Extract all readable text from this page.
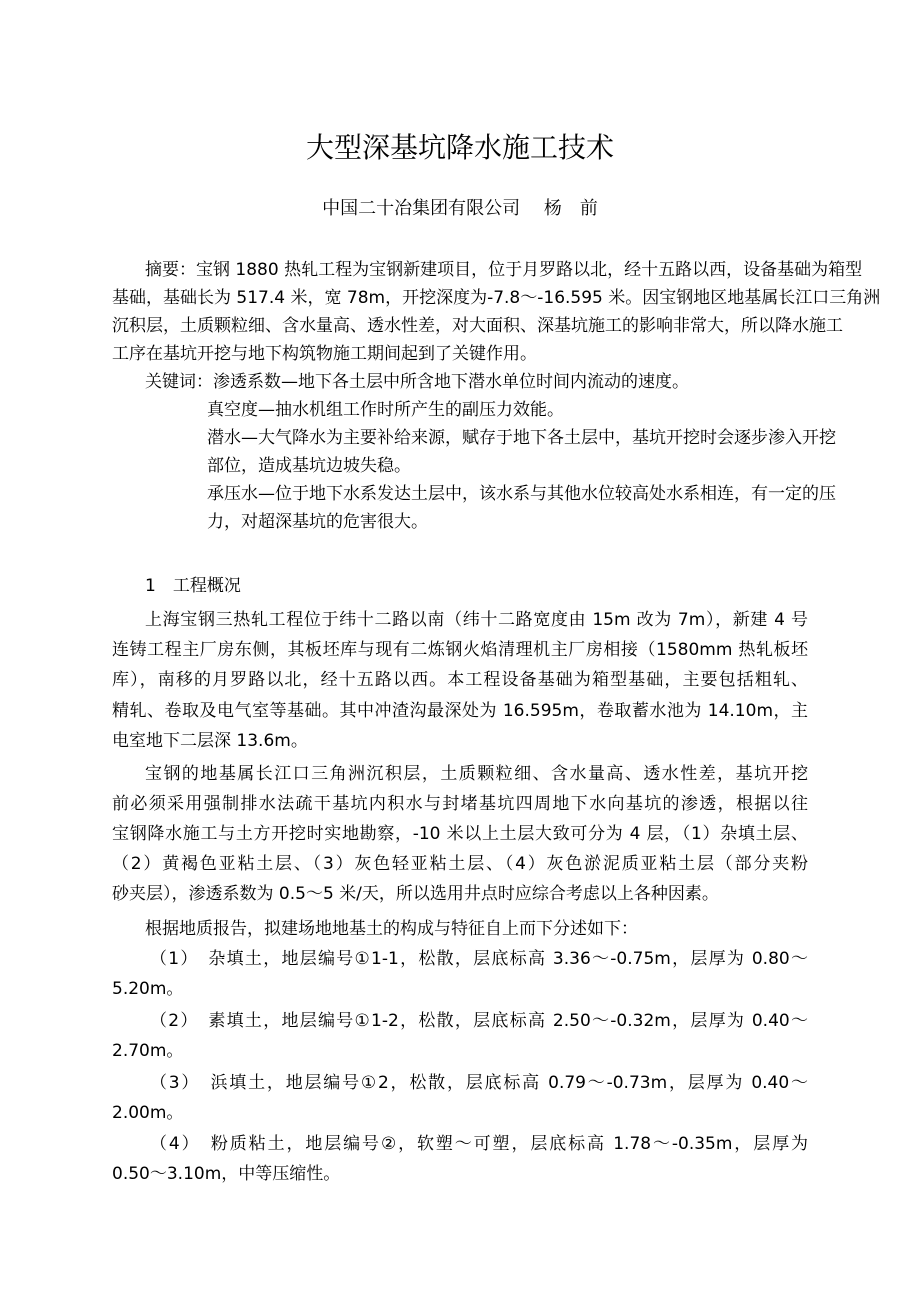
大型深基坑降水施工技术
中国二十冶集团有限公司　 杨　前
摘要：宝钢 1880 热轧工程为宝钢新建项目，位于月罗路以北，经十五路以西，设备基础为箱型
基础，基础长为 517.4 米，宽 78m，开挖深度为-7.8～-16.595 米。因宝钢地区地基属长江口三角洲
沉积层，土质颗粒细、含水量高、透水性差，对大面积、深基坑施工的影响非常大，所以降水施工
工序在基坑开挖与地下构筑物施工期间起到了关键作用。
关键词：渗透系数—地下各土层中所含地下潜水单位时间内流动的速度。
真空度—抽水机组工作时所产生的副压力效能。
潜水—大气降水为主要补给来源，赋存于地下各土层中，基坑开挖时会逐步渗入开挖
部位，造成基坑边坡失稳。
承压水—位于地下水系发达土层中，该水系与其他水位较高处水系相连，有一定的压
力，对超深基坑的危害很大。
1　工程概况
上海宝钢三热轧工程位于纬十二路以南（纬十二路宽度由 15m 改为 7m），新建 4 号
连铸工程主厂房东侧，其板坯库与现有二炼钢火焰清理机主厂房相接（1580mm 热轧板坯
库），南移的月罗路以北，经十五路以西。本工程设备基础为箱型基础，主要包括粗轧、
精轧、卷取及电气室等基础。其中冲渣沟最深处为 16.595m，卷取蓄水池为 14.10m，主
电室地下二层深 13.6m。
宝钢的地基属长江口三角洲沉积层，土质颗粒细、含水量高、透水性差，基坑开挖
前必须采用强制排水法疏干基坑内积水与封堵基坑四周地下水向基坑的渗透，根据以往
宝钢降水施工与土方开挖时实地勘察，-10 米以上土层大致可分为 4 层，（1）杂填土层、
（2）黄褐色亚粘土层、（3）灰色轻亚粘土层、（4）灰色淤泥质亚粘土层（部分夹粉
砂夹层），渗透系数为 0.5～5 米/天，所以选用井点时应综合考虑以上各种因素。
根据地质报告，拟建场地地基土的构成与特征自上而下分述如下：
（1）　杂填土，地层编号①1-1，松散，层底标高 3.36～-0.75m，层厚为 0.80～
5.20m。
（2）　素填土，地层编号①1-2，松散，层底标高 2.50～-0.32m，层厚为 0.40～
2.70m。
（3）　浜填土，地层编号①2，松散，层底标高 0.79～-0.73m，层厚为 0.40～
2.00m。
（4）　粉质粘土，地层编号②，软塑～可塑，层底标高 1.78～-0.35m，层厚为
0.50～3.10m，中等压缩性。
